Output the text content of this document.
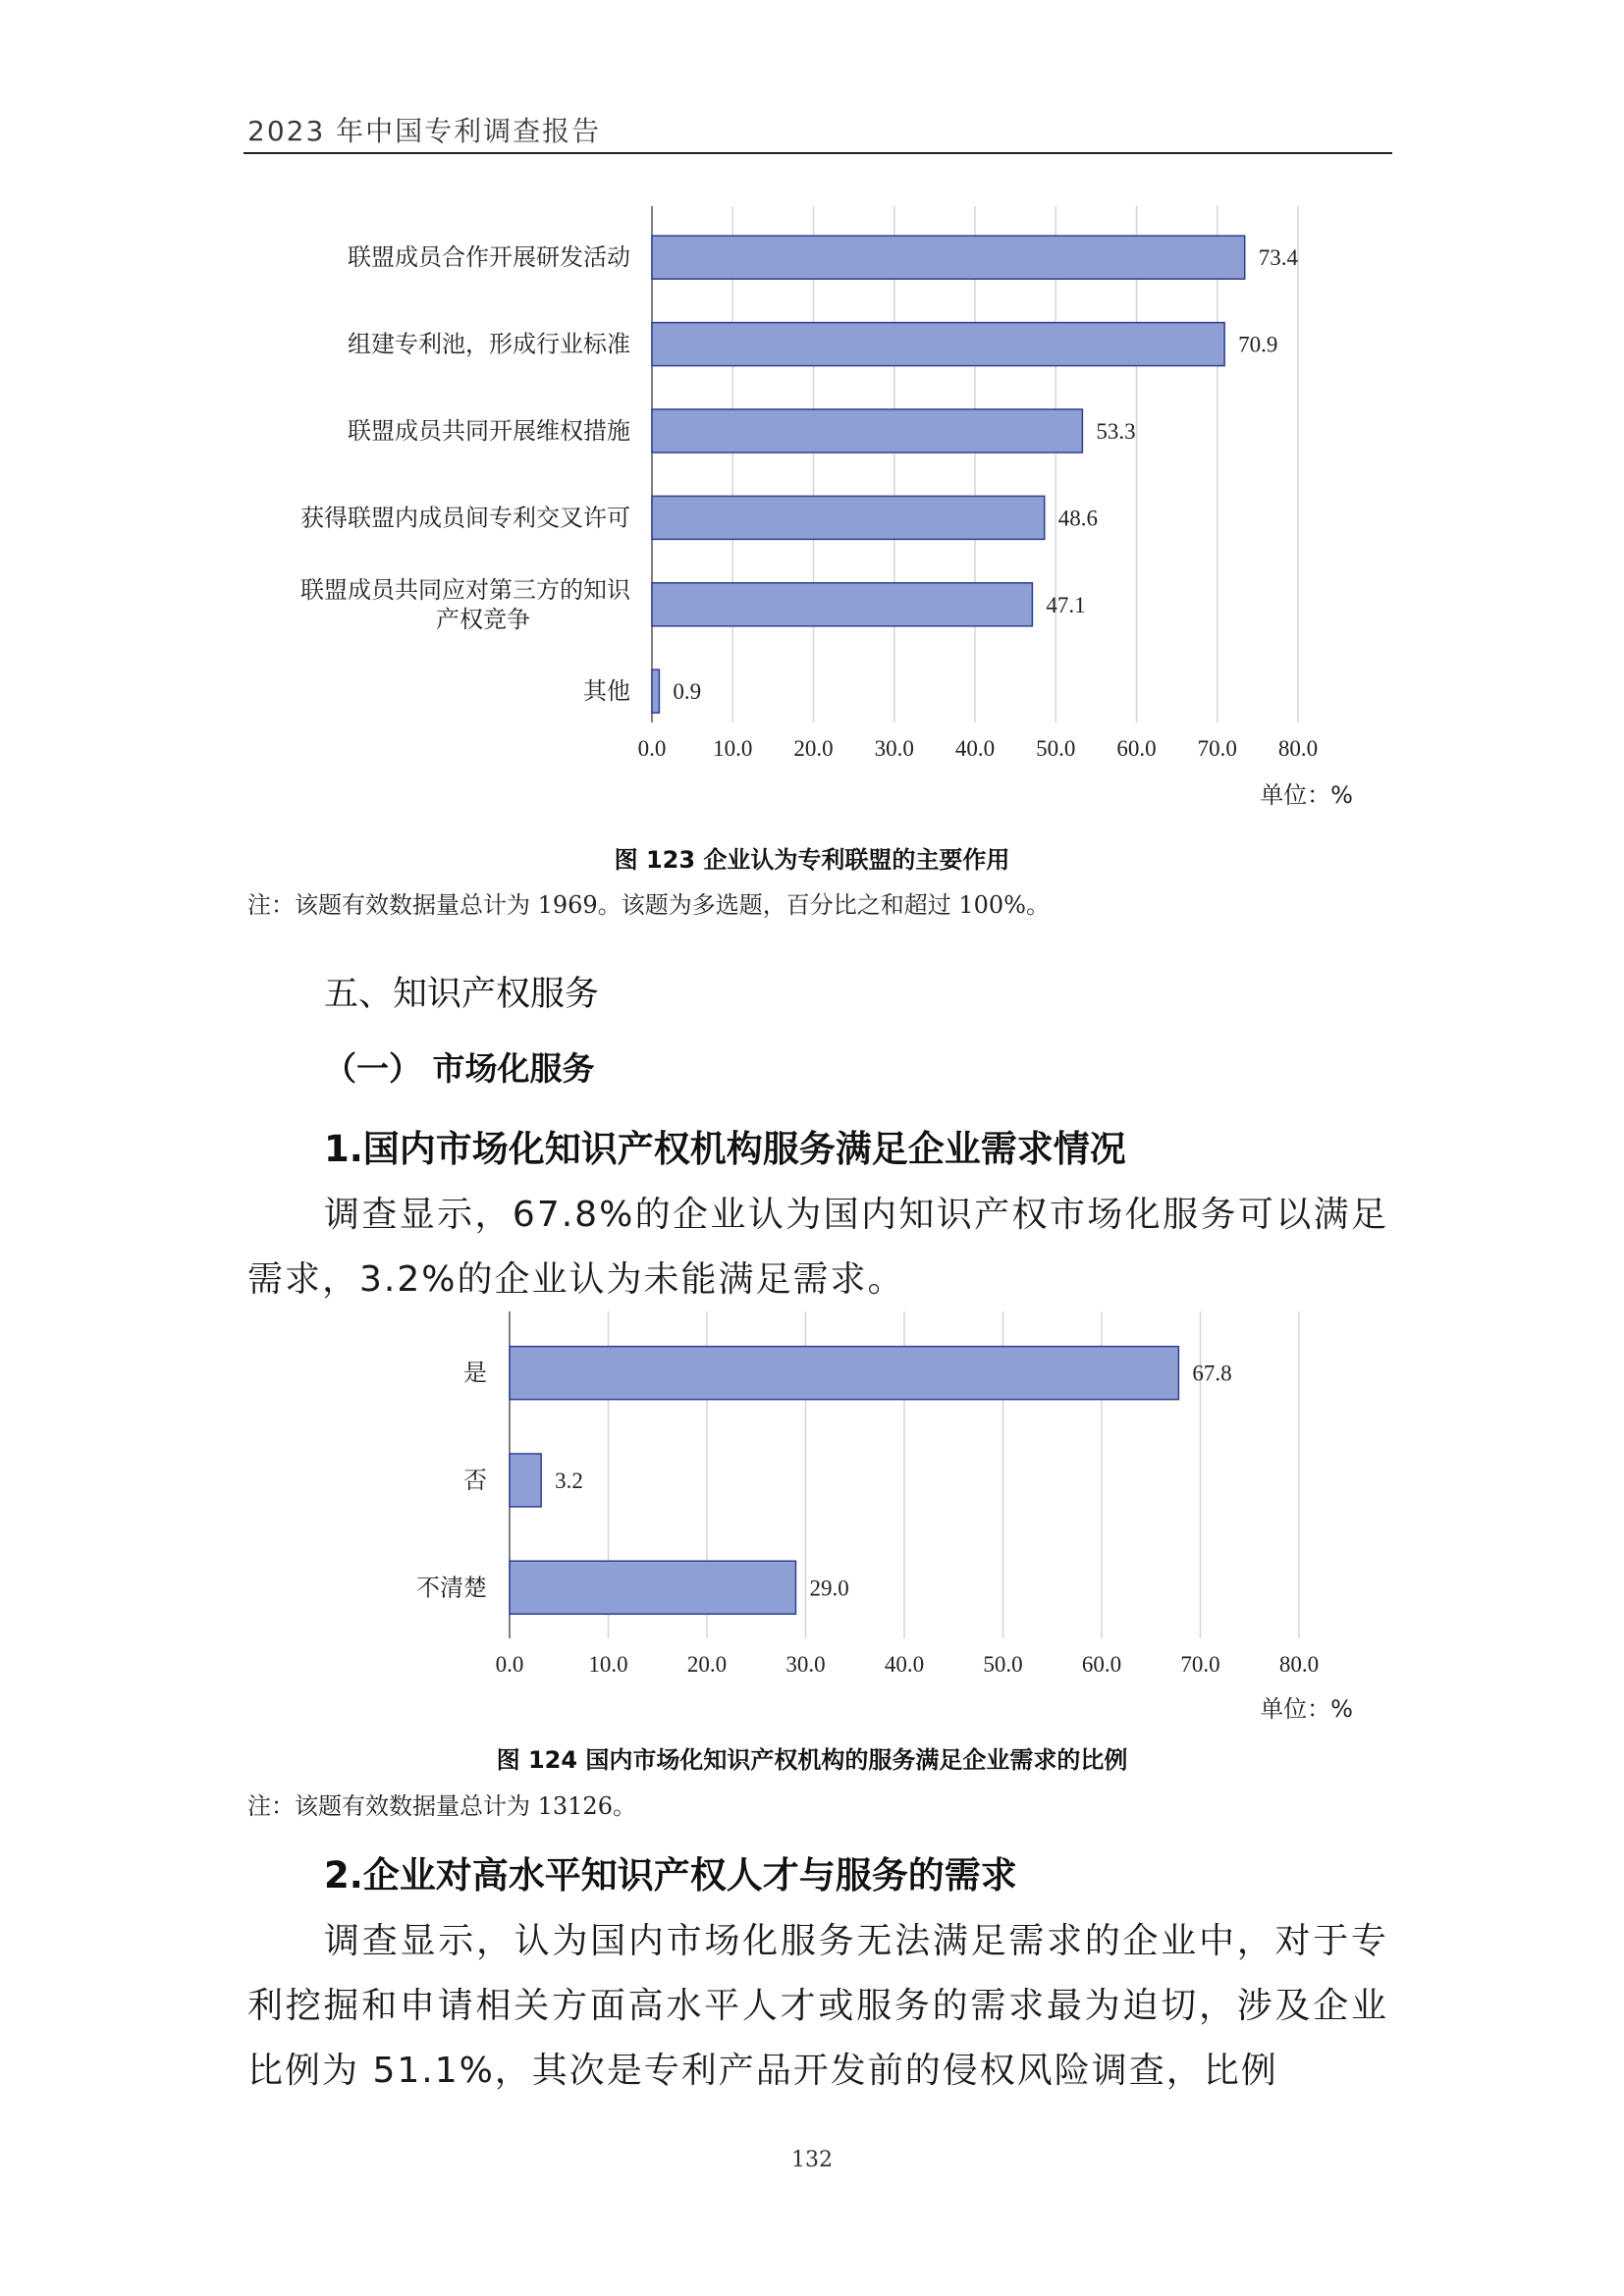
2023 年中国专利调查报告
0.0 10.0 20.0 30.0 40.0 50.0 60.0 70.0 80.0
73.4
联盟成员合作开展研发活动
70.9
组建专利池，形成行业标准
53.3
联盟成员共同开展维权措施
48.6
获得联盟内成员间专利交叉许可
47.1
联盟成员共同应对第三方的知识
产权竞争
0.9
其他
单位：%
0.0	10.0	20.0	30.0	40.0	50.0	60.0	70.0	80.0
67.8
是
3.2
否
29.0
不清楚
单位：%
图 123 企业认为专利联盟的主要作用
注：该题有效数据量总计为 1969。该题为多选题，百分比之和超过 100%。
五、知识产权服务
（一） 市场化服务
1.国内市场化知识产权机构服务满足企业需求情况

调查显示，67.8%的企业认为国内知识产权市场化服务可以满足需求，3.2%的企业认为未能满足需求。

图 124 国内市场化知识产权机构的服务满足企业需求的比例
注：该题有效数据量总计为 13126。
2.企业对高水平知识产权人才与服务的需求

调查显示，认为国内市场化服务无法满足需求的企业中，对于专利挖掘和申请相关方面高水平人才或服务的需求最为迫切，涉及企业比例为 51.1%，其次是专利产品开发前的侵权风险调查，比例

132
